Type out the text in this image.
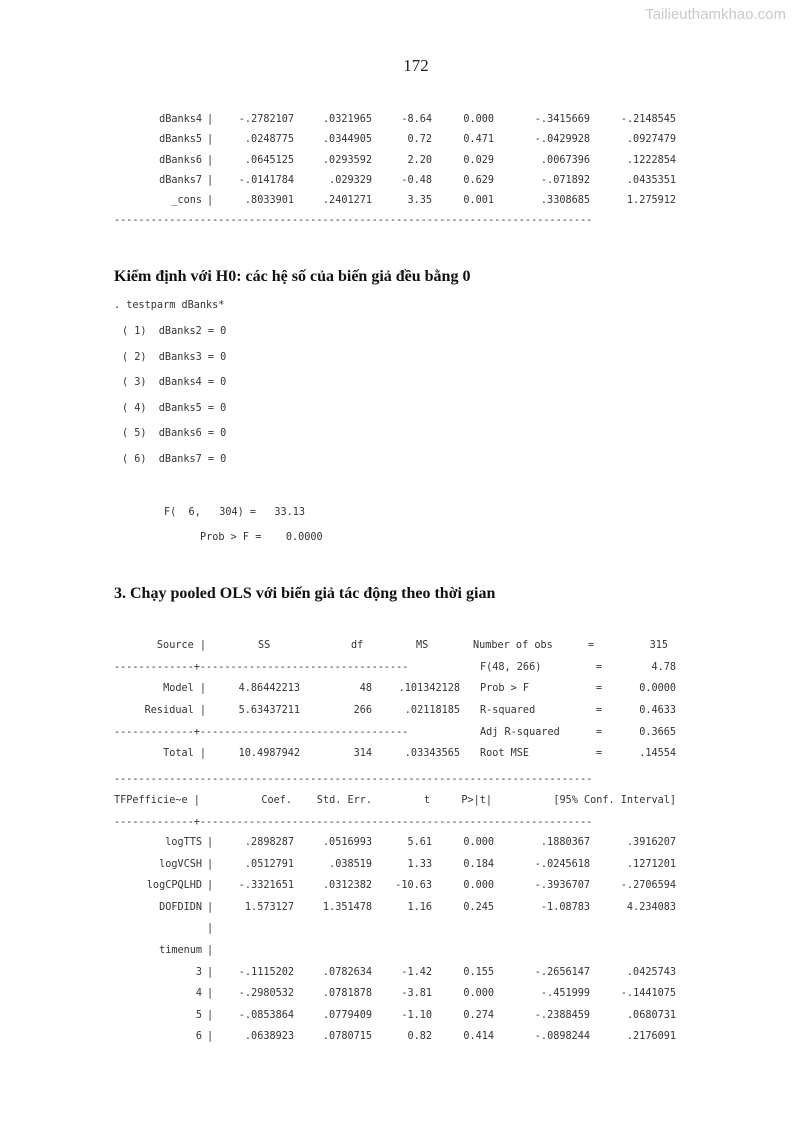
Tailieuthamkhao.com
172
dBanks4 |	-.2782107	.0321965	-8.64	0.000	-.3415669	-.2148545
dBanks5 |	.0248775	.0344905	0.72	0.471	-.0429928	.0927479
dBanks6 |	.0645125	.0293592	2.20	0.029	.0067396	.1222854
dBanks7 |	-.0141784	.029329	-0.48	0.629	-.071892	.0435351
_cons |	.8033901	.2401271	3.35	0.001	.3308685	1.275912
------------------------------------------------------------------------------
Kiểm định với H0: các hệ số của biến giả đều bằng 0
. testparm dBanks*
( 1)  dBanks2 = 0
( 2)  dBanks3 = 0
( 3)  dBanks4 = 0
( 4)  dBanks5 = 0
( 5)  dBanks6 = 0
( 6)  dBanks7 = 0
F(  6,   304) =   33.13
Prob > F =    0.0000
3. Chạy pooled OLS với biến giả tác động theo thời gian
Source |	SS	df	MS
-------------+----------------------------------
Model |	4.86442213	48	.101342128
Residual |	5.63437211	266	.02118185
-------------+----------------------------------
Total |	10.4987942	314	.03343565
Number of obs	=	315
F(48, 266)	=	4.78
Prob > F	=	0.0000
R-squared	=	0.4633
Adj R-squared	=	0.3665
Root MSE	=	.14554
------------------------------------------------------------------------------
TFPefficie~e |	Coef.	Std. Err.	t	P>|t|	[95% Conf. Interval]
-------------+----------------------------------------------------------------
logTTS |	.2898287	.0516993	5.61	0.000	.1880367	.3916207
logVCSH |	.0512791	.038519	1.33	0.184	-.0245618	.1271201
logCPQLHD |	-.3321651	.0312382	-10.63	0.000	-.3936707	-.2706594
DOFDIDN |	1.573127	1.351478	1.16	0.245	-1.08783	4.234083
|
timenum |
3 |	-.1115202	.0782634	-1.42	0.155	-.2656147	.0425743
4 |	-.2980532	.0781878	-3.81	0.000	-.451999	-.1441075
5 |	-.0853864	.0779409	-1.10	0.274	-.2388459	.0680731
6 |	.0638923	.0780715	0.82	0.414	-.0898244	.2176091
